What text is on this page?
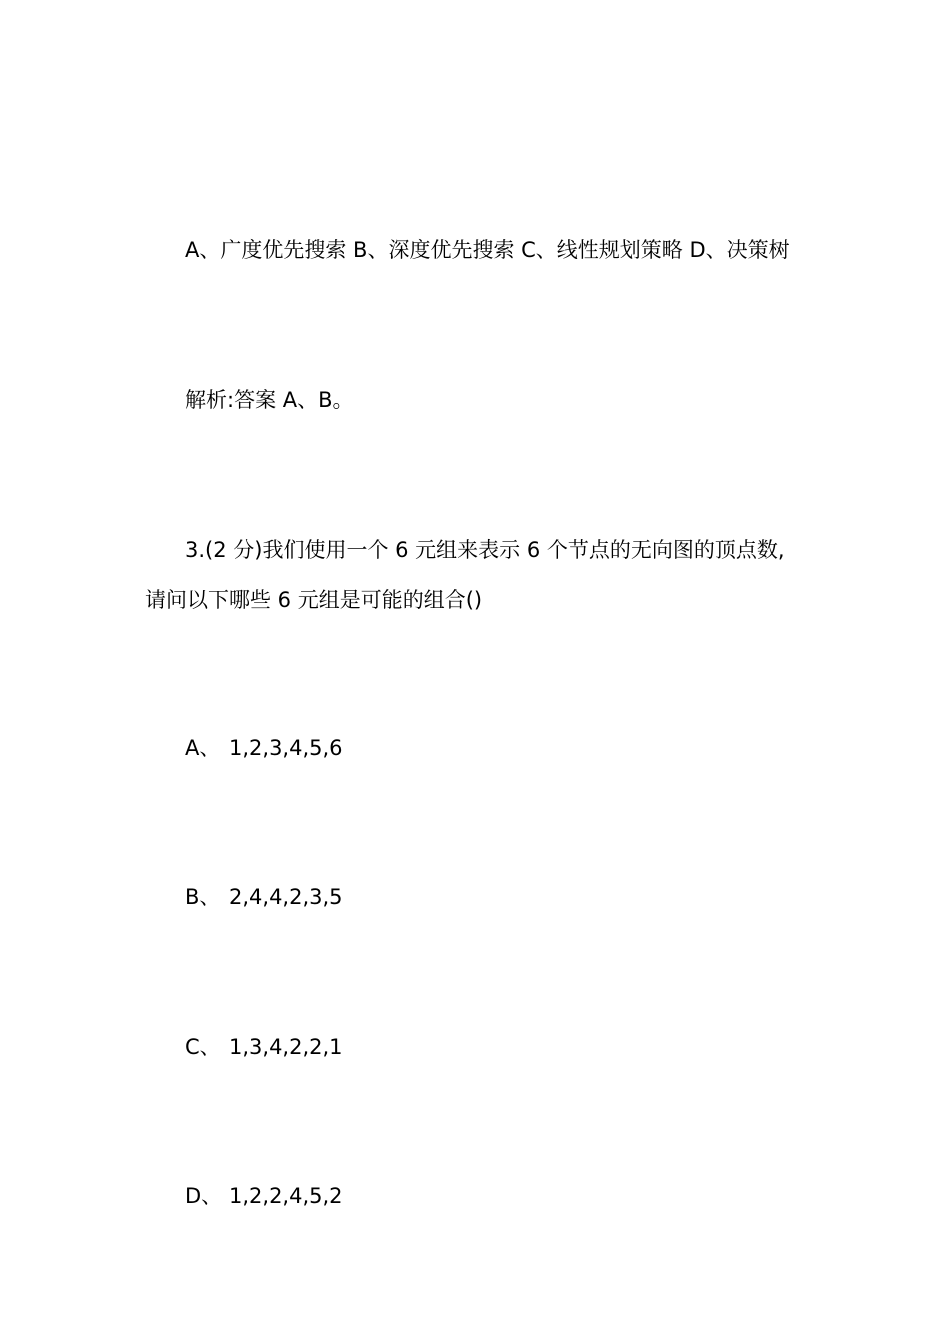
A、广度优先搜索 B、深度优先搜索 C、线性规划策略 D、决策树

解析:答案 A、B。

3.(2 分)我们使用一个 6 元组来表示 6 个节点的无向图的顶点数,

请问以下哪些 6 元组是可能的组合()

A、 1,2,3,4,5,6
B、 2,4,4,2,3,5
C、 1,3,4,2,2,1
D、 1,2,2,4,5,2
